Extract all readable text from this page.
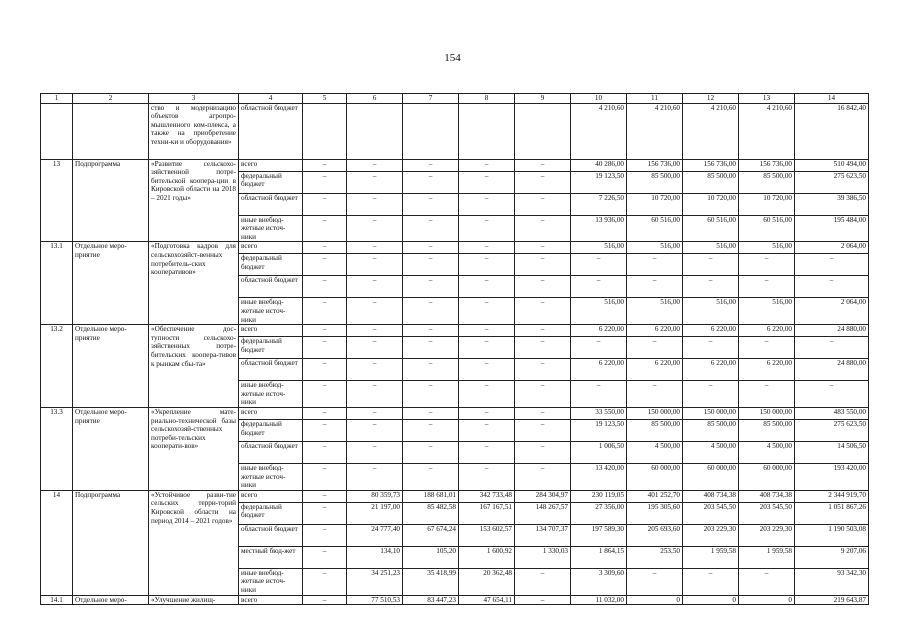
154
1	2	3	4	5	6	7	8	9	10	11	12	13	14
		ство и модернизацию объектов агропро-мышленного ком-плекса, а также на приобретение техни-ки и оборудования»	областной бюджет						4 210,60	4 210,60	4 210,60	4 210,60	16 842,40
13	Подпрограмма	«Развитие сельскохо-зяйственной потре-бительской коопера-ции в Кировской области на 2018 – 2021 годы»	всего	–	–	–	–	–	40 286,00	156 736,00	156 736,00	156 736,00	510 494,00
			федеральный бюджет	–	–	–	–	–	19 123,50	85 500,00	85 500,00	85 500,00	275 623,50
			областной бюджет	–	–	–	–	–	7 226,50	10 720,00	10 720,00	10 720,00	39 386,50
			иные внебюд-жетные источ-ники	–	–	–	–	–	13 936,00	60 516,00	60 516,00	60 516,00	195 484,00
13.1	Отдельное меро-приятие	«Подготовка кадров для сельскохозяйст-венных потребитель-ских кооперативов»	всего	–	–	–	–	–	516,00	516,00	516,00	516,00	2 064,00
			федеральный бюджет	–	–	–	–	–	–	–	–	–	–
			областной бюджет	–	–	–	–	–	–	–	–	–	–
			иные внебюд-жетные источ-ники	–	–	–	–	–	516,00	516,00	516,00	516,00	2 064,00
13.2	Отдельное меро-приятие	«Обеспечение дос-тупности сельскохо-зяйственных потре-бительских коопера-тивов к рынкам сбы-та»	всего	–	–	–	–	–	6 220,00	6 220,00	6 220,00	6 220,00	24 880,00
			федеральный бюджет	–	–	–	–	–	–	–	–	–	–
			областной бюджет	–	–	–	–	–	6 220,00	6 220,00	6 220,00	6 220,00	24 880,00
			иные внебюд-жетные источ-ники	–	–	–	–	–	–	–	–	–	–
13.3	Отдельное меро-приятие	«Укрепление мате-риально-технической базы сельскохозяй-ственных потреби-тельских кооперати-вов»	всего	–	–	–	–	–	33 550,00	150 000,00	150 000,00	150 000,00	483 550,00
			федеральный бюджет	–	–	–	–	–	19 123,50	85 500,00	85 500,00	85 500,00	275 623,50
			областной бюджет	–	–	–	–	–	1 006,50	4 500,00	4 500,00	4 500,00	14 506,50
			иные внебюд-жетные источ-ники	–	–	–	–	–	13 420,00	60 000,00	60 000,00	60 000,00	193 420,00
14	Подпрограмма	«Устойчивое разви-тие сельских терри-торий Кировской области на период 2014 – 2021 годов»	всего	–	80 359,73	188 681,01	342 733,48	284 304,97	230 119,05	401 252,70	408 734,38	408 734,38	2 344 919,70
			федеральный бюджет	–	21 197,00	85 482,58	167 167,51	148 267,57	27 356,00	195 305,60	203 545,50	203 545,50	1 051 867,26
			областной бюджет	–	24 777,40	67 674,24	153 602,57	134 707,37	197 589,30	205 693,60	203 229,30	203 229,30	1 190 503,08
			местный бюд-жет	–	134,10	105,20	1 600,92	1 330,03	1 864,15	253,50	1 959,58	1 959,58	9 207,06
			иные внебюд-жетные источ-ники	–	34 251,23	35 418,99	20 362,48	–	3 309,60	–	–	–	93 342,30
14.1	Отдельное меро-	«Улучшение жилищ-	всего	–	77 510,53	83 447,23	47 654,11	–	11 032,00	0	0	0	219 643,87
